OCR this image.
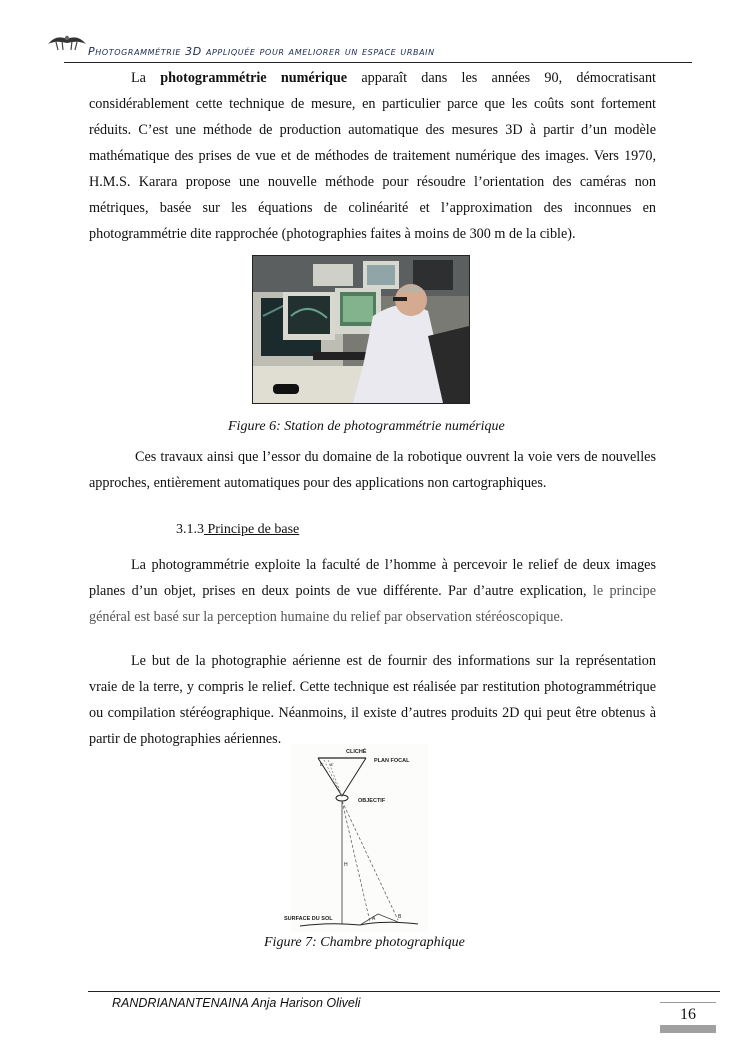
Photogrammétrie 3D appliquée pour ameliorer un espace urbain
La photogrammétrie numérique apparaît dans les années 90, démocratisant considérablement cette technique de mesure, en particulier parce que les coûts sont fortement réduits. C’est une méthode de production automatique des mesures 3D à partir d’un modèle mathématique des prises de vue et de méthodes de traitement numérique des images. Vers 1970, H.M.S. Karara propose une nouvelle méthode pour résoudre l’orientation des caméras non métriques, basée sur les équations de colinéarité et l’approximation des inconnues en photogrammétrie dite rapprochée (photographies faites à moins de 300 m de la cible).
Figure 6: Station de photogrammétrie numérique
Ces travaux ainsi que l’essor du domaine de la robotique ouvrent la voie vers de nouvelles approches, entièrement automatiques pour des applications non cartographiques.
3.1.3 Principe de base
La photogrammétrie exploite la faculté de l’homme à percevoir le relief de deux images planes d’un objet, prises en deux points de vue différente. Par d’autre explication, le principe général est basé sur la perception humaine du relief par observation stéréoscopique.
Le but de la photographie aérienne est de fournir des informations sur la représentation vraie de la terre, y compris le relief. Cette technique est réalisée par restitution photogrammétrique ou compilation stéréographique. Néanmoins, il existe d’autres produits 2D qui peut être obtenus à partir de photographies aériennes.
CLICHÉ
PLAN FOCAL
OBJECTIF
SURFACE DU SOL
H
A	B
b' a'
Figure 7: Chambre photographique
RANDRIANANTENAINA Anja Harison Oliveli
16
